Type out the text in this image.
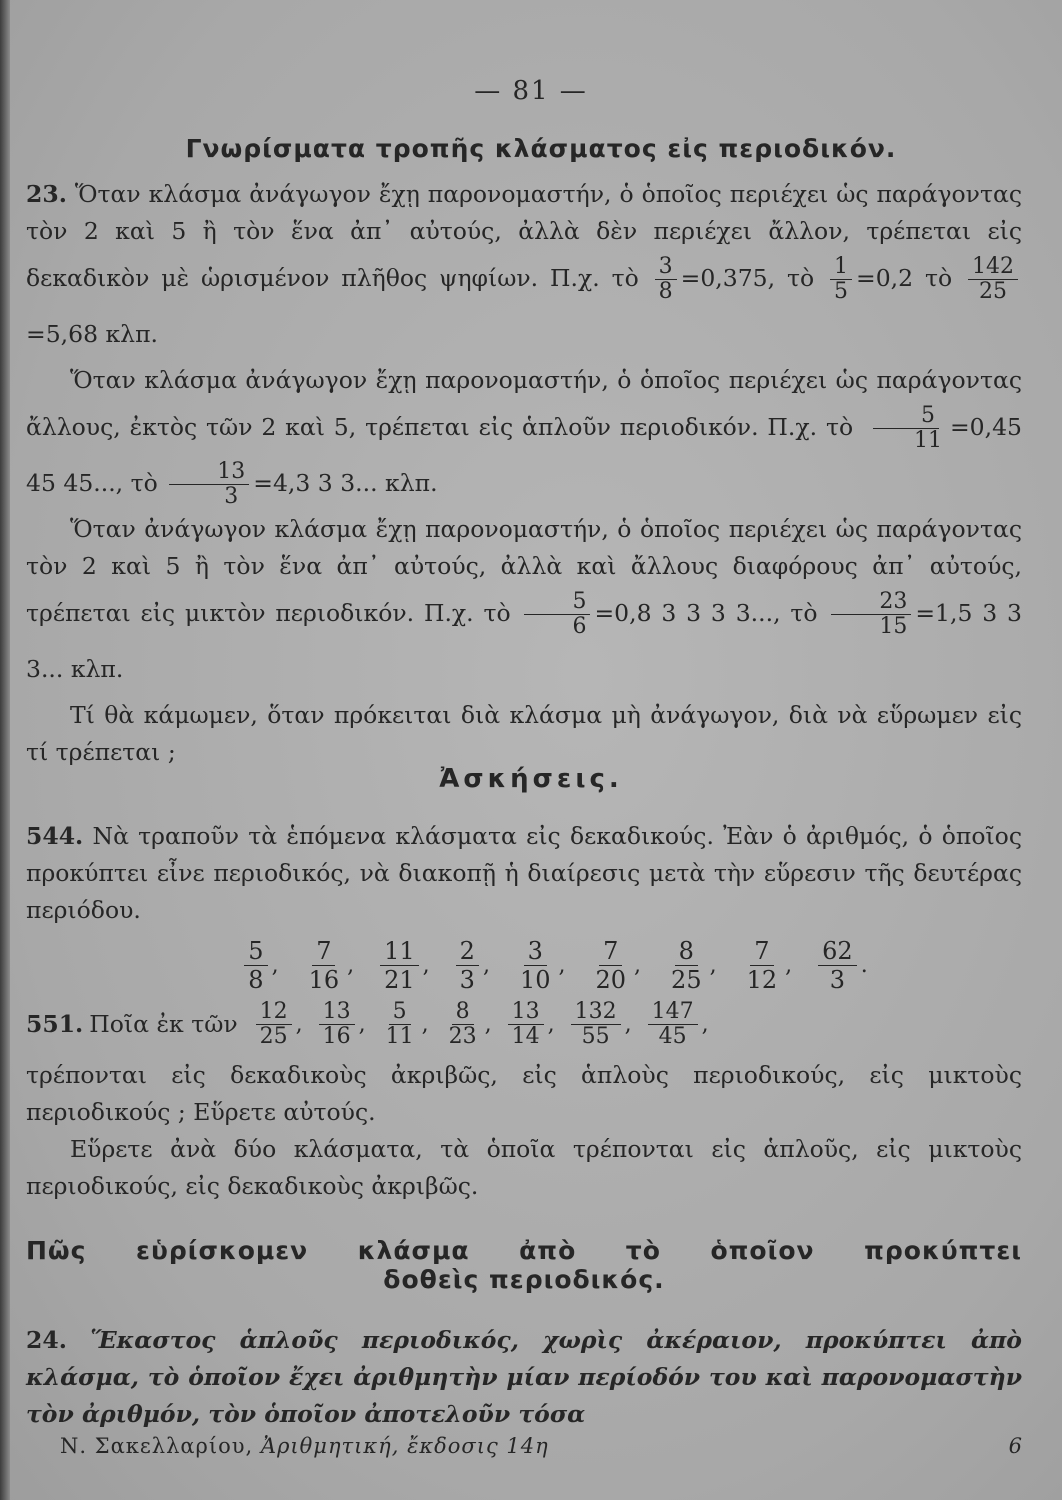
— 81 —
Γνωρίσματα τροπῆς κλάσματος εἰς περιοδικόν.

23. Ὅταν κλάσμα ἀνάγωγον ἔχῃ παρονομαστήν, ὁ ὁποῖος περιέχει ὡς παράγοντας τὸν 2 καὶ 5 ἢ τὸν ἕνα ἀπ᾽ αὐτούς, ἀλλὰ δὲν περιέχει ἄλλον, τρέπεται εἰς δεκαδικὸν μὲ ὡρισμένον πλῆθος ψηφίων. Π.χ. τὸ $\frac{3}{8} =0,375$, τὸ $\frac{1}{5} =0,2$ τὸ $\frac{142}{25}$
=5,68 κλπ.

Ὅταν κλάσμα ἀνάγωγον ἔχῃ παρονομαστήν, ὁ ὁποῖος περιέχει ὡς παράγοντας ἄλλους, ἐκτὸς τῶν 2 καὶ 5, τρέπεται εἰς ἁπλοῦν περιοδικόν. Π.χ. τὸ $\frac{5}{11} =0,45$ 45 45..., τὸ $\frac{13}{3} =4,3$ 3 3... κλπ.

Ὅταν ἀνάγωγον κλάσμα ἔχῃ παρονομαστήν, ὁ ὁποῖος περιέχει ὡς παράγοντας τὸν 2 καὶ 5 ἢ τὸν ἕνα ἀπ᾽ αὐτούς, ἀλλὰ καὶ ἄλλους διαφόρους ἀπ᾽ αὐτούς, τρέπεται εἰς μικτὸν περιοδικόν. Π.χ. τὸ $\frac{5}{6} =0,8$ 3 3 3 3..., τὸ $\frac{23}{15} =1,5$ 3 3 3... κλπ.

Τί θὰ κάμωμεν, ὅταν πρόκειται διὰ κλάσμα μὴ ἀνάγωγον, διὰ νὰ εὕρωμεν εἰς τί τρέπεται ;

Ἀσκήσεις.

544. Νὰ τραποῦν τὰ ἑπόμενα κλάσματα εἰς δεκαδικούς. Ἐὰν ὁ ἀριθμός, ὁ ὁποῖος προκύπτει εἶνε περιοδικός, νὰ διακοπῇ ἡ διαίρεσις μετὰ τὴν εὕρεσιν τῆς δευτέρας περιόδου.

$\frac{5}{8}$ , $\frac{7}{16}$ , $\frac{11}{21}$ , $\frac{2}{3}$ , $\frac{3}{10}$ , $\frac{7}{20}$ , $\frac{8}{25}$ , $\frac{7}{12}$ , $\frac{62}{3}$ .

551. Ποῖα ἐκ τῶν $\frac{12}{25}$ , $\frac{13}{16}$ , $\frac{5}{11}$ , $\frac{8}{23}$ , $\frac{13}{14}$ , $\frac{132}{55}$ , $\frac{147}{45}$ ,

τρέπονται εἰς δεκαδικοὺς ἀκριβῶς, εἰς ἁπλοὺς περιοδικούς, εἰς μικτοὺς περιοδικούς ; Εὕρετε αὐτούς.

Εὕρετε ἀνὰ δύο κλάσματα, τὰ ὁποῖα τρέπονται εἰς ἁπλοῦς, εἰς μικτοὺς περιοδικούς, εἰς δεκαδικοὺς ἀκριβῶς.

Πῶς εὑρίσκομεν κλάσμα ἀπὸ τὸ ὁποῖον προκύπτει
δοθεὶς περιοδικός.

24. Ἕκαστος ἁπλοῦς περιοδικός, χωρὶς ἀκέραιον, προκύπτει ἀπὸ κλάσμα, τὸ ὁποῖον ἔχει ἀριθμητὴν μίαν περίοδόν του καὶ παρονομαστὴν τὸν ἀριθμόν, τὸν ὁποῖον ἀποτελοῦν τόσα

Ν. Σακελλαρίου, Ἀριθμητική, ἔκδοσις 14η	6
